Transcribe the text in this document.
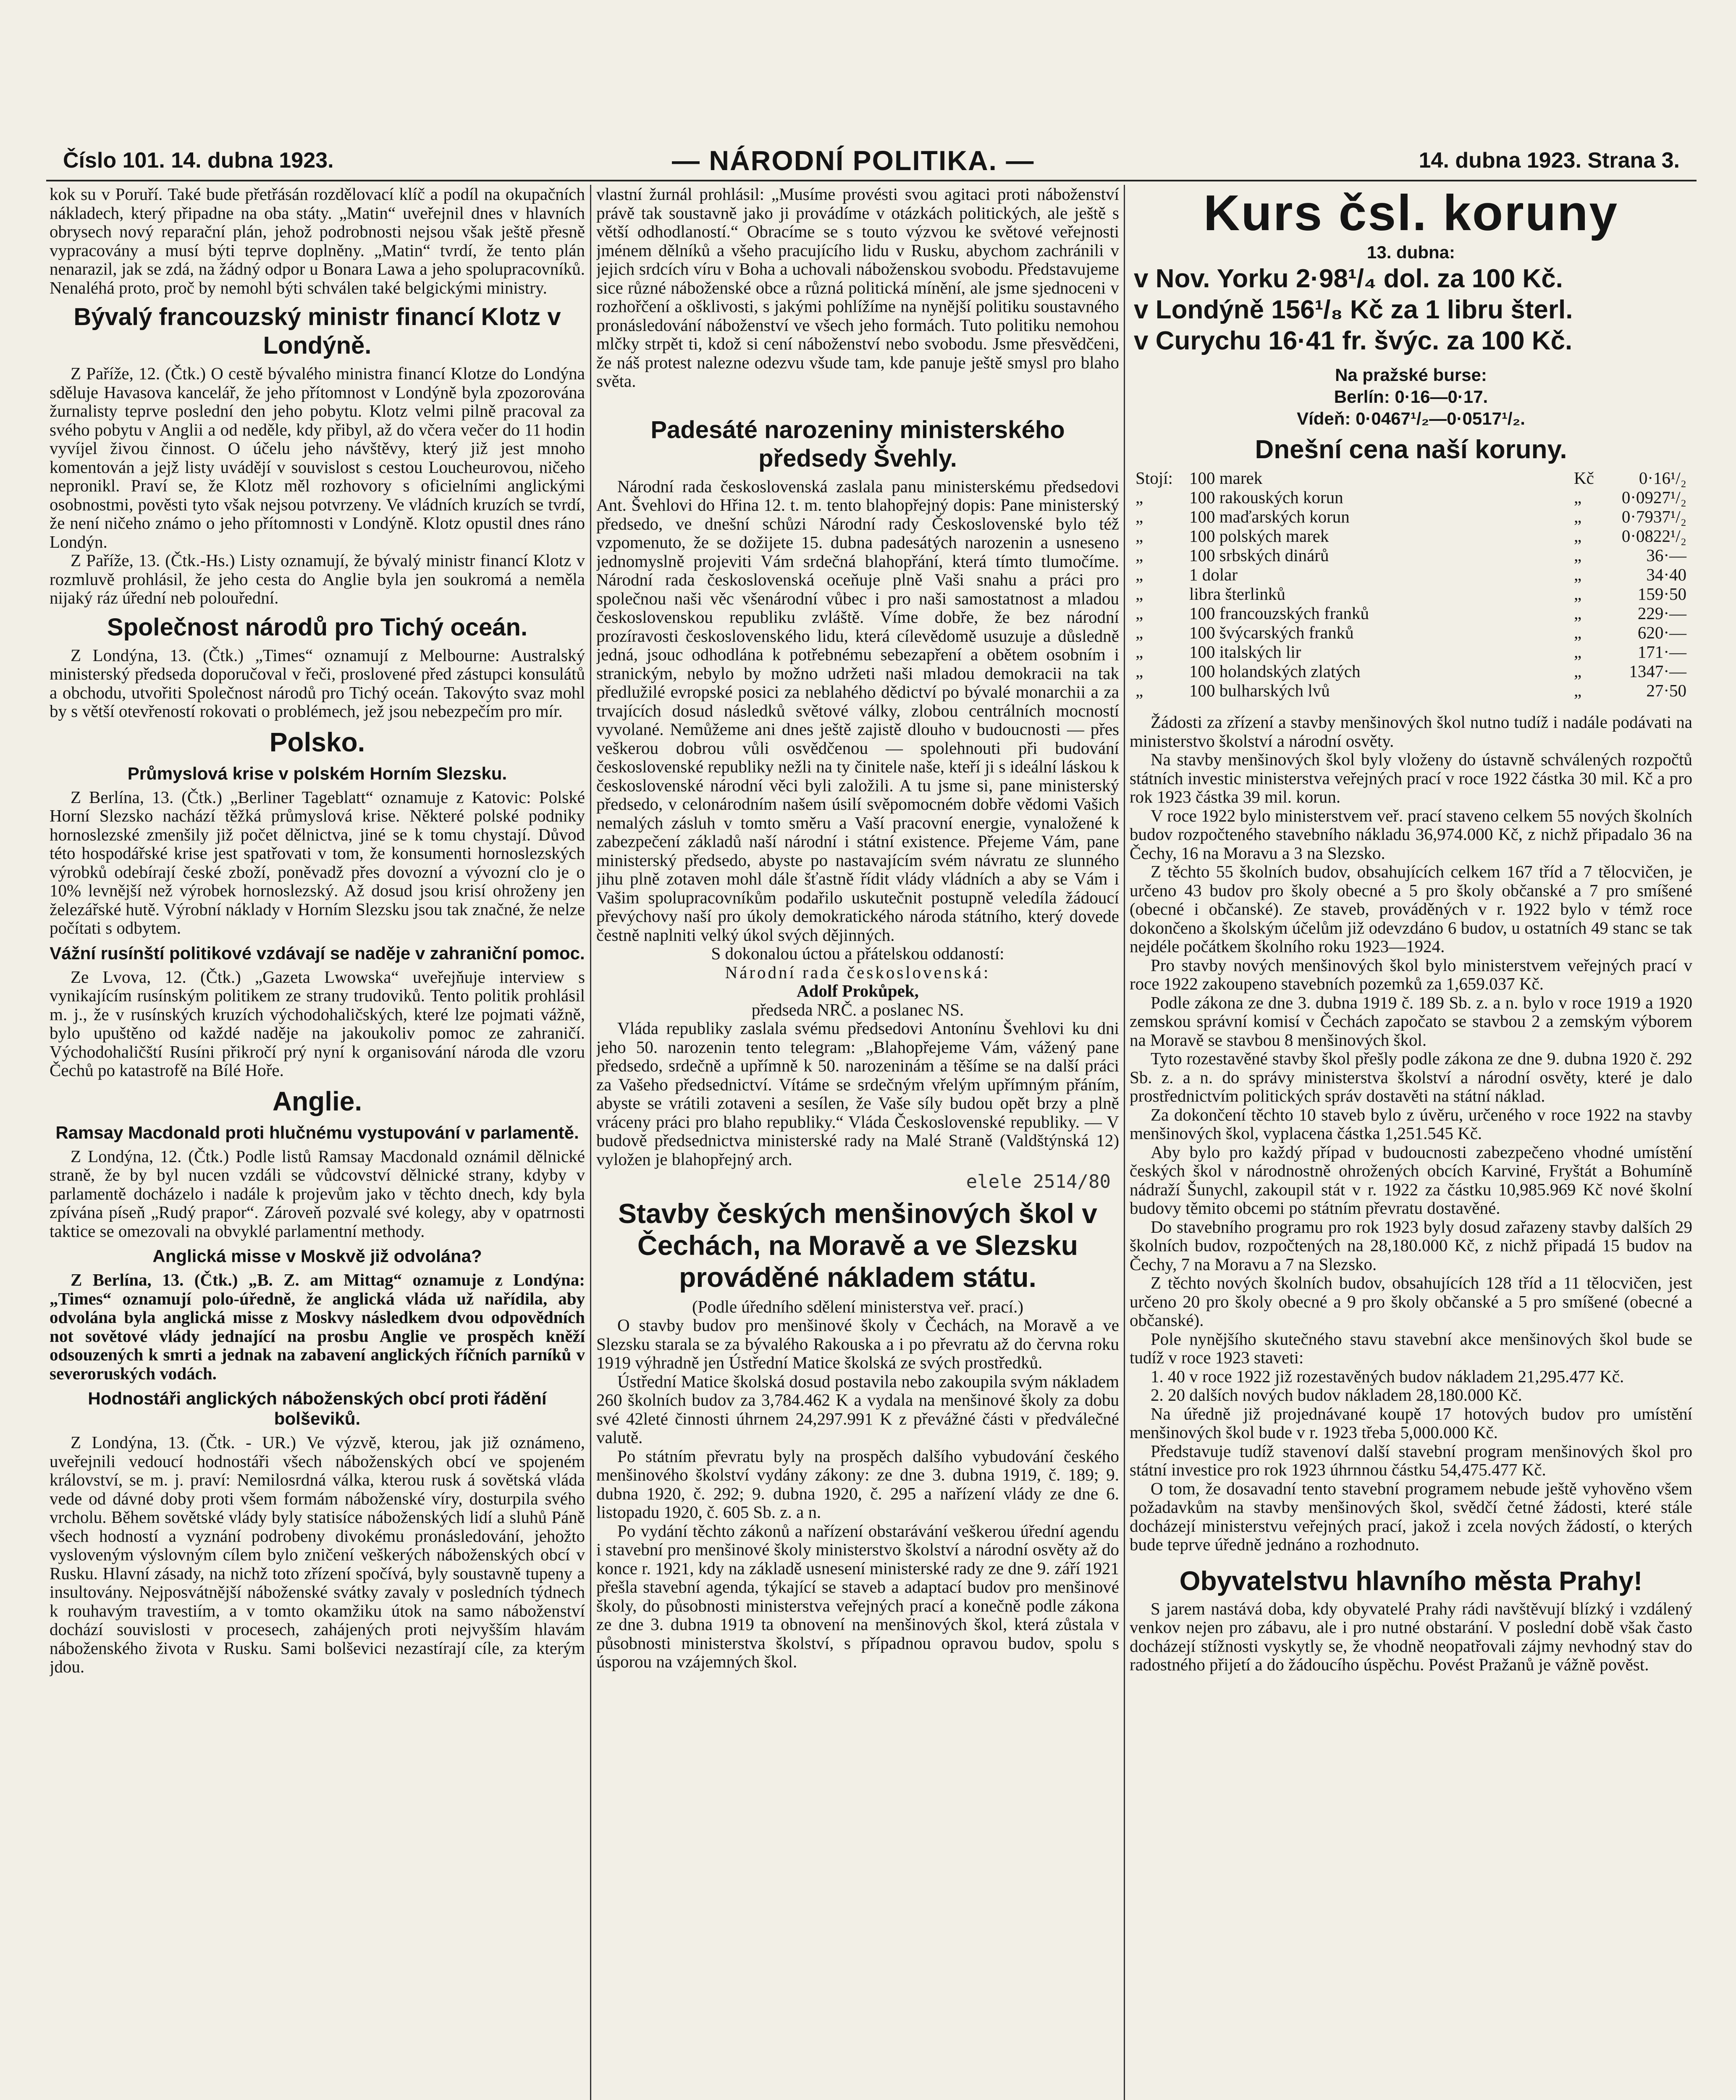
Číslo 101. 14. dubna 1923.	— NÁRODNÍ POLITIKA. —	14. dubna 1923. Strana 3.

kok su v Poruří. Také bude přetřásán rozdělovací klíč a podíl na okupačních nákladech, který připadne na oba státy. „Matin“ uveřejnil dnes v hlavních obrysech nový reparační plán, jehož podrobnosti nejsou však ještě přesně vypracovány a musí býti teprve doplněny. „Matin“ tvrdí, že tento plán nenarazil, jak se zdá, na žádný odpor u Bonara Lawa a jeho spolupracovníků. Nenaléhá proto, proč by nemohl býti schválen také belgickými ministry.

Bývalý francouzský ministr financí Klotz v Londýně.

Z Paříže, 12. (Čtk.) O cestě bývalého ministra financí Klotze do Londýna sděluje Havasova kancelář, že jeho přítomnost v Londýně byla zpozorována žurnalisty teprve poslední den jeho pobytu. Klotz velmi pilně pracoval za svého pobytu v Anglii a od neděle, kdy přibyl, až do včera večer do 11 hodin vyvíjel živou činnost. O účelu jeho návštěvy, který již jest mnoho komentován a jejž listy uvádějí v souvislost s cestou Loucheurovou, ničeho nepronikl. Praví se, že Klotz měl rozhovory s oficielními anglickými osobnostmi, pověsti tyto však nejsou potvrzeny. Ve vládních kruzích se tvrdí, že není ničeho známo o jeho přítomnosti v Londýně. Klotz opustil dnes ráno Londýn.

Z Paříže, 13. (Čtk.-Hs.) Listy oznamují, že bývalý ministr financí Klotz v rozmluvě prohlásil, že jeho cesta do Anglie byla jen soukromá a neměla nijaký ráz úřední neb polouřední.

Společnost národů pro Tichý oceán.

Z Londýna, 13. (Čtk.) „Times“ oznamují z Melbourne: Australský ministerský předseda doporučoval v řeči, proslovené před zástupci konsulátů a obchodu, utvořiti Společnost národů pro Tichý oceán. Takovýto svaz mohl by s větší otevřeností rokovati o problémech, jež jsou nebezpečím pro mír.

Polsko.
Průmyslová krise v polském Horním Slezsku.

Z Berlína, 13. (Čtk.) „Berliner Tageblatt“ oznamuje z Katovic: Polské Horní Slezsko nachází těžká průmyslová krise. Některé polské podniky hornoslezské zmenšily již počet dělnictva, jiné se k tomu chystají. Důvod této hospodářské krise jest spatřovati v tom, že konsumenti hornoslezských výrobků odebírají české zboží, poněvadž přes dovozní a vývozní clo je o 10% levnější než výrobek hornoslezský. Až dosud jsou krisí ohroženy jen železářské hutě. Výrobní náklady v Horním Slezsku jsou tak značné, že nelze počítati s odbytem.

Vážní rusínští politikové vzdávají se naděje v zahraniční pomoc.

Ze Lvova, 12. (Čtk.) „Gazeta Lwowska“ uveřejňuje interview s vynikajícím rusínským politikem ze strany trudoviků. Tento politik prohlásil m. j., že v rusínských kruzích východohaličských, které lze pojmati vážně, bylo upuštěno od každé naděje na jakoukoliv pomoc ze zahraničí. Východohaličští Rusíni přikročí prý nyní k organisování národa dle vzoru Čechů po katastrofě na Bílé Hoře.

Anglie.
Ramsay Macdonald proti hlučnému vystupování v parlamentě.

Z Londýna, 12. (Čtk.) Podle listů Ramsay Macdonald oznámil dělnické straně, že by byl nucen vzdáli se vůdcovství dělnické strany, kdyby v parlamentě docházelo i nadále k projevům jako v těchto dnech, kdy byla zpívána píseň „Rudý prapor“. Zároveň pozvalé své kolegy, aby v opatrnosti taktice se omezovali na obvyklé parlamentní methody.

Anglická misse v Moskvě již odvolána?

Z Berlína, 13. (Čtk.) „B. Z. am Mittag“ oznamuje z Londýna: „Times“ oznamují polo-úředně, že anglická vláda už nařídila, aby odvolána byla anglická misse z Moskvy následkem dvou odpovědních not sovětové vlády jednající na prosbu Anglie ve prospěch kněží odsouzených k smrti a jednak na zabavení anglických říčních parníků v severoruských vodách.

Hodnostáři anglických náboženských obcí proti řádění bolševiků.

Z Londýna, 13. (Čtk. - UR.) Ve výzvě, kterou, jak již oznámeno, uveřejnili vedoucí hodnostáři všech náboženských obcí ve spojeném království, se m. j. praví: Nemilosrdná válka, kterou rusk á sovětská vláda vede od dávné doby proti všem formám náboženské víry, dosturpila svého vrcholu. Během sovětské vlády byly statisíce náboženských lidí a sluhů Páně všech hodností a vyznání podrobeny divokému pronásledování, jehožto vysloveným výslovným cílem bylo zničení veškerých náboženských obcí v Rusku. Hlavní zásady, na nichž toto zřízení spočívá, byly soustavně tupeny a insultovány. Nejposvátnější náboženské svátky zavaly v posledních týdnech k rouhavým travestiím, a v tomto okamžiku útok na samo náboženství dochází souvislosti v procesech, zahájených proti nejvyšším hlavám náboženského života v Rusku. Sami bolševici nezastírají cíle, za kterým jdou.

vlastní žurnál prohlásil: „Musíme provésti svou agitaci proti náboženství právě tak soustavně jako ji provádíme v otázkách politických, ale ještě s větší odhodlaností.“ Obracíme se s touto výzvou ke světové veřejnosti jménem dělníků a všeho pracujícího lidu v Rusku, abychom zachránili v jejich srdcích víru v Boha a uchovali náboženskou svobodu. Představujeme sice různé náboženské obce a různá politická mínění, ale jsme sjednoceni v rozhořčení a ošklivosti, s jakými pohlížíme na nynější politiku soustavného pronásledování náboženství ve všech jeho formách. Tuto politiku nemohou mlčky strpět ti, kdož si cení náboženství nebo svobodu. Jsme přesvědčeni, že náš protest nalezne odezvu všude tam, kde panuje ještě smysl pro blaho světa.

Padesáté narozeniny ministerského předsedy Švehly.

Národní rada československá zaslala panu ministerskému předsedovi Ant. Švehlovi do Hřina 12. t. m. tento blahopřejný dopis: Pane ministerský předsedo, ve dnešní schůzi Národní rady Československé bylo též vzpomenuto, že se dožijete 15. dubna padesátých narozenin a usneseno jednomyslně projeviti Vám srdečná blahopřání, která tímto tlumočíme. Národní rada československá oceňuje plně Vaši snahu a práci pro společnou naši věc všenárodní vůbec i pro naši samostatnost a mladou československou republiku zvláště. Víme dobře, že bez národní prozíravosti československého lidu, která cílevědomě usuzuje a důsledně jedná, jsouc odhodlána k potřebnému sebezapření a obětem osobním i stranickým, nebylo by možno udržeti naši mladou demokracii na tak předlužilé evropské posici za neblahého dědictví po bývalé monarchii a za trvajících dosud následků světové války, zlobou centrálních mocností vyvolané. Nemůžeme ani dnes ještě zajistě dlouho v budoucnosti — přes veškerou dobrou vůli osvědčenou — spolehnouti při budování československé republiky nežli na ty činitele naše, kteří ji s ideální láskou k československé národní věci byli založili. A tu jsme si, pane ministerský předsedo, v celonárodním našem úsilí svěpomocném dobře vědomi Vašich nemalých zásluh v tomto směru a Vaší pracovní energie, vynaložené k zabezpečení základů naší národní i státní existence. Přejeme Vám, pane ministerský předsedo, abyste po nastavajícím svém návratu ze slunného jihu plně zotaven mohl dále šťastně řídit vlády vládních a aby se Vám i Vašim spolupracovníkům podařilo uskutečnit postupně veledíla žádoucí převýchovy naší pro úkoly demokratického národa státního, který dovede čestně naplniti velký úkol svých dějinných.

S dokonalou úctou a přátelskou oddaností:

Národní rada československá:

Adolf Prokůpek,

předseda NRČ. a poslanec NS.

Vláda republiky zaslala svému předsedovi Antonínu Švehlovi ku dni jeho 50. narozenin tento telegram: „Blahopřejeme Vám, vážený pane předsedo, srdečně a upřímně k 50. narozeninám a těšíme se na další práci za Vašeho předsednictví. Vítáme se srdečným vřelým upřímným přáním, abyste se vrátili zotaveni a sesílen, že Vaše síly budou opět brzy a plně vráceny práci pro blaho republiky.“ Vláda Československé republiky. — V budově předsednictva ministerské rady na Malé Straně (Valdštýnská 12) vyložen je blahopřejný arch.

elele 2514/80
Stavby českých menšinových škol v Čechách, na Moravě a ve Slezsku prováděné nákladem státu.

(Podle úředního sdělení ministerstva veř. prací.)

O stavby budov pro menšinové školy v Čechách, na Moravě a ve Slezsku starala se za bývalého Rakouska a i po převratu až do června roku 1919 výhradně jen Ústřední Matice školská ze svých prostředků.

Ústřední Matice školská dosud postavila nebo zakoupila svým nákladem 260 školních budov za 3,784.462 K a vydala na menšinové školy za dobu své 42leté činnosti úhrnem 24,297.991 K z převážné části v předválečné valutě.

Po státním převratu byly na prospěch dalšího vybudování českého menšinového školství vydány zákony: ze dne 3. dubna 1919, č. 189; 9. dubna 1920, č. 292; 9. dubna 1920, č. 295 a nařízení vlády ze dne 6. listopadu 1920, č. 605 Sb. z. a n.

Po vydání těchto zákonů a nařízení obstarávání veškerou úřední agendu i stavební pro menšinové školy ministerstvo školství a národní osvěty až do konce r. 1921, kdy na základě usnesení ministerské rady ze dne 9. září 1921 přešla stavební agenda, týkající se staveb a adaptací budov pro menšinové školy, do působnosti ministerstva veřejných prací a konečně podle zákona ze dne 3. dubna 1919 ta obnovení na menšinových škol, která zůstala v působnosti ministerstva školství, s případnou opravou budov, spolu s úsporou na vzájemných škol.

Kurs čsl. koruny

13. dubna:

v Nov. Yorku 2·98¹/₄ dol. za 100 Kč.

v Londýně 156¹/₈ Kč za 1 libru šterl.

v Curychu 16·41 fr. švýc. za 100 Kč.

Na pražské burse:

Berlín: 0·16—0·17.

Vídeň: 0·0467¹/₂—0·0517¹/₂.

Dnešní cena naší koruny.
Stojí:	100 marek	Kč	0·16¹/₂
„	100 rakouských korun	„	0·0927¹/₂
„	100 maďarských korun	„	0·7937¹/₂
„	100 polských marek	„	0·0822¹/₂
„	100 srbských dinárů	„	36·—
„	1 dolar	„	34·40
„	libra šterlinků	„	159·50
„	100 francouzských franků	„	229·—
„	100 švýcarských franků	„	620·—
„	100 italských lir	„	171·—
„	100 holandských zlatých	„	1347·—
„	100 bulharských lvů	„	27·50

Žádosti za zřízení a stavby menšinových škol nutno tudíž i nadále podávati na ministerstvo školství a národní osvěty.

Na stavby menšinových škol byly vloženy do ústavně schválených rozpočtů státních investic ministerstva veřejných prací v roce 1922 částka 30 mil. Kč a pro rok 1923 částka 39 mil. korun.

V roce 1922 bylo ministerstvem veř. prací staveno celkem 55 nových školních budov rozpočteného stavebního nákladu 36,974.000 Kč, z nichž připadalo 36 na Čechy, 16 na Moravu a 3 na Slezsko.

Z těchto 55 školních budov, obsahujících celkem 167 tříd a 7 tělocvičen, je určeno 43 budov pro školy obecné a 5 pro školy občanské a 7 pro smíšené (obecné i občanské). Ze staveb, prováděných v r. 1922 bylo v témž roce dokončeno a školským účelům již odevzdáno 6 budov, u ostatních 49 stanc se tak nejdéle počátkem školního roku 1923—1924.

Pro stavby nových menšinových škol bylo ministerstvem veřejných prací v roce 1922 zakoupeno stavebních pozemků za 1,659.037 Kč.

Podle zákona ze dne 3. dubna 1919 č. 189 Sb. z. a n. bylo v roce 1919 a 1920 zemskou správní komisí v Čechách započato se stavbou 2 a zemským výborem na Moravě se stavbou 8 menšinových škol.

Tyto rozestavěné stavby škol přešly podle zákona ze dne 9. dubna 1920 č. 292 Sb. z. a n. do správy ministerstva školství a národní osvěty, které je dalo prostřednictvím politických správ dostavěti na státní náklad.

Za dokončení těchto 10 staveb bylo z úvěru, určeného v roce 1922 na stavby menšinových škol, vyplacena částka 1,251.545 Kč.

Aby bylo pro každý případ v budoucnosti zabezpečeno vhodné umístění českých škol v národnostně ohrožených obcích Karviné, Fryštát a Bohumíně nádraží Šunychl, zakoupil stát v r. 1922 za částku 10,985.969 Kč nové školní budovy těmito obcemi po státním převratu dostavěné.

Do stavebního programu pro rok 1923 byly dosud zařazeny stavby dalších 29 školních budov, rozpočtených na 28,180.000 Kč, z nichž připadá 15 budov na Čechy, 7 na Moravu a 7 na Slezsko.

Z těchto nových školních budov, obsahujících 128 tříd a 11 tělocvičen, jest určeno 20 pro školy obecné a 9 pro školy občanské a 5 pro smíšené (obecné a občanské).

Pole nynějšího skutečného stavu stavební akce menšinových škol bude se tudíž v roce 1923 staveti:

1. 40 v roce 1922 již rozestavěných budov nákladem 21,295.477 Kč.

2. 20 dalších nových budov nákladem 28,180.000 Kč.

Na úředně již projednávané koupě 17 hotových budov pro umístění menšinových škol bude v r. 1923 třeba 5,000.000 Kč.

Představuje tudíž stavenoví další stavební program menšinových škol pro státní investice pro rok 1923 úhrnnou částku 54,475.477 Kč.

O tom, že dosavadní tento stavební programem nebude ještě vyhověno všem požadavkům na stavby menšinových škol, svědčí četné žádosti, které stále docházejí ministerstvu veřejných prací, jakož i zcela nových žádostí, o kterých bude teprve úředně jednáno a rozhodnuto.

Obyvatelstvu hlavního města Prahy!

S jarem nastává doba, kdy obyvatelé Prahy rádi navštěvují blízký i vzdálený venkov nejen pro zábavu, ale i pro nutné obstarání. V poslední době však často docházejí stížnosti vyskytly se, že vhodně neopatřovali zájmy nevhodný stav do radostného přijetí a do žádoucího úspěchu. Povést Pražanů je vážně pověst.
